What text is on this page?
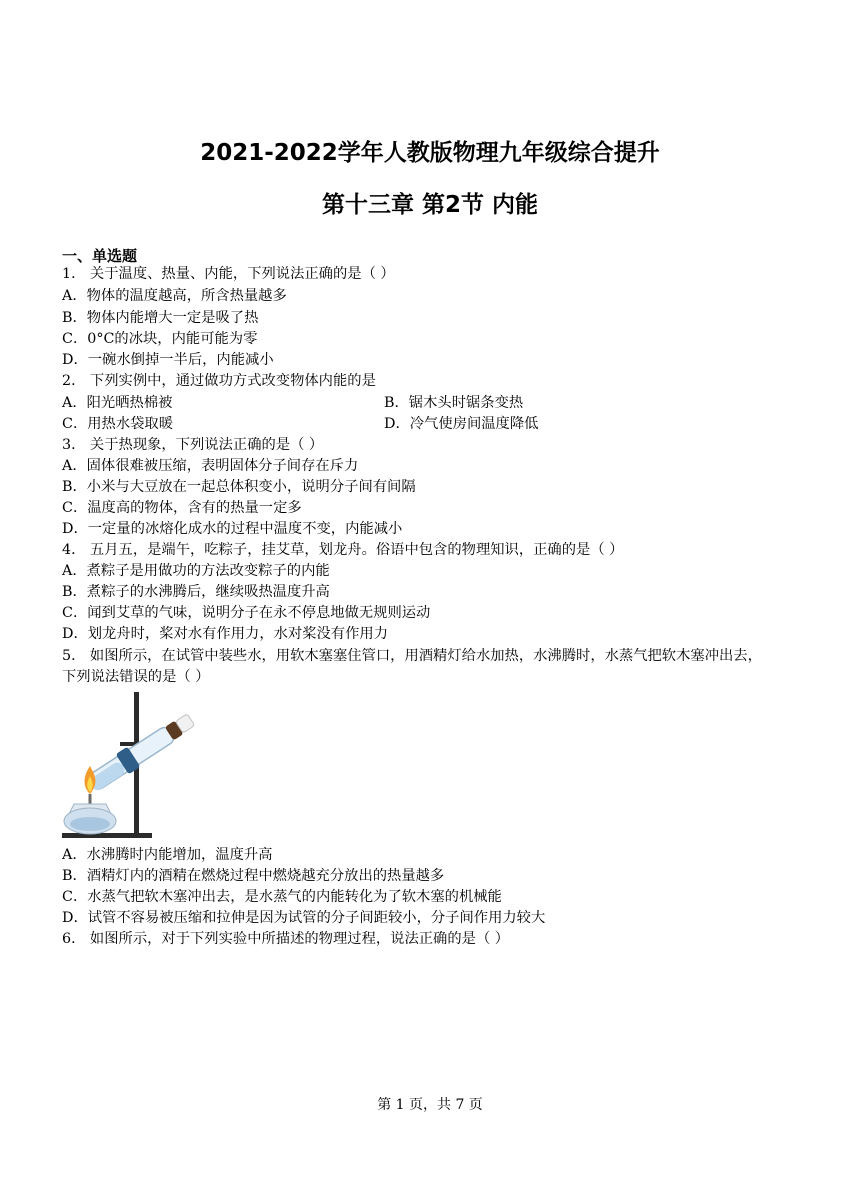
2021-2022学年人教版物理九年级综合提升
第十三章 第2节 内能
一、单选题
1． 关于温度、热量、内能，下列说法正确的是（ ）
A．物体的温度越高，所含热量越多
B．物体内能增大一定是吸了热
C．0°C的冰块，内能可能为零
D．一碗水倒掉一半后，内能减小
2． 下列实例中，通过做功方式改变物体内能的是
A．阳光晒热棉被	B．锯木头时锯条变热
C．用热水袋取暖	D．冷气使房间温度降低
3． 关于热现象，下列说法正确的是（ ）
A．固体很难被压缩，表明固体分子间存在斥力
B．小米与大豆放在一起总体积变小，说明分子间有间隔
C．温度高的物体，含有的热量一定多
D．一定量的冰熔化成水的过程中温度不变，内能减小
4． 五月五，是端午，吃粽子，挂艾草，划龙舟。俗语中包含的物理知识，正确的是（ ）
A．煮粽子是用做功的方法改变粽子的内能
B．煮粽子的水沸腾后，继续吸热温度升高
C．闻到艾草的气味，说明分子在永不停息地做无规则运动
D．划龙舟时，桨对水有作用力，水对桨没有作用力
5． 如图所示，在试管中装些水，用软木塞塞住管口，用酒精灯给水加热，水沸腾时，水蒸气把软木塞冲出去，
下列说法错误的是（ ）
A．水沸腾时内能增加，温度升高
B．酒精灯内的酒精在燃烧过程中燃烧越充分放出的热量越多
C．水蒸气把软木塞冲出去，是水蒸气的内能转化为了软木塞的机械能
D．试管不容易被压缩和拉伸是因为试管的分子间距较小，分子间作用力较大
6． 如图所示，对于下列实验中所描述的物理过程，说法正确的是（ ）
第 1 页，共 7 页
